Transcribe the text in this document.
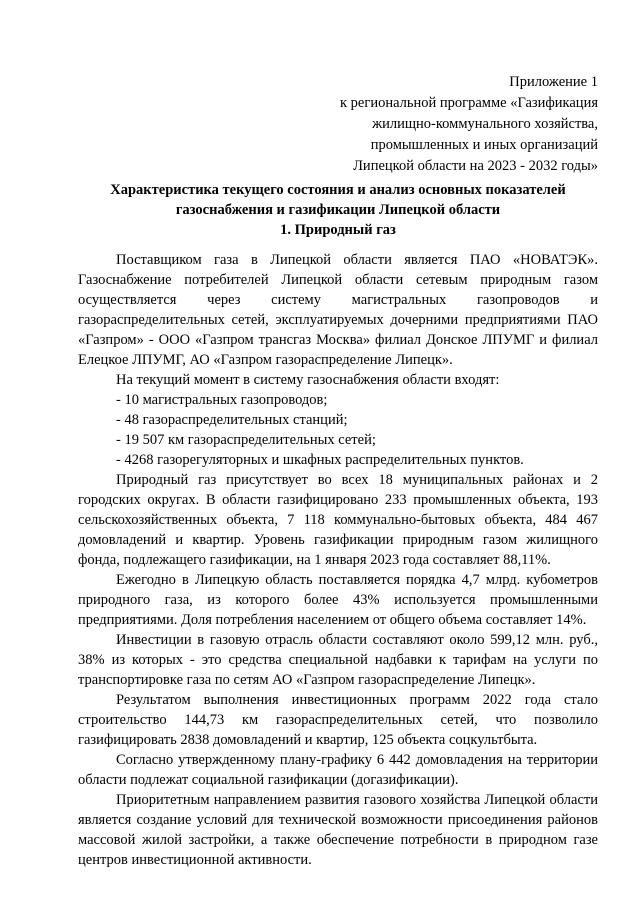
Приложение 1
к региональной программе «Газификация
жилищно-коммунального хозяйства,
промышленных и иных организаций
Липецкой области на 2023 - 2032 годы»
Характеристика текущего состояния и анализ основных показателей
газоснабжения и газификации Липецкой области
1. Природный газ

Поставщиком газа в Липецкой области является ПАО «НОВАТЭК». Газоснабжение потребителей Липецкой области сетевым природным газом осуществляется через систему магистральных газопроводов и газораспределительных сетей, эксплуатируемых дочерними предприятиями ПАО «Газпром» - ООО «Газпром трансгаз Москва» филиал Донское ЛПУМГ и филиал Елецкое ЛПУМГ, АО «Газпром газораспределение Липецк».

На текущий момент в систему газоснабжения области входят:

- 10 магистральных газопроводов;

- 48 газораспределительных станций;

- 19 507 км газораспределительных сетей;

- 4268 газорегуляторных и шкафных распределительных пунктов.

Природный газ присутствует во всех 18 муниципальных районах и 2 городских округах. В области газифицировано 233 промышленных объекта, 193 сельскохозяйственных объекта, 7 118 коммунально-бытовых объекта, 484 467 домовладений и квартир. Уровень газификации природным газом жилищного фонда, подлежащего газификации, на 1 января 2023 года составляет 88,11%.

Ежегодно в Липецкую область поставляется порядка 4,7 млрд. кубометров природного газа, из которого более 43% используется промышленными предприятиями. Доля потребления населением от общего объема составляет 14%.

Инвестиции в газовую отрасль области составляют около 599,12 млн. руб., 38% из которых - это средства специальной надбавки к тарифам на услуги по транспортировке газа по сетям АО «Газпром газораспределение Липецк».

Результатом выполнения инвестиционных программ 2022 года стало строительство 144,73 км газораспределительных сетей, что позволило газифицировать 2838 домовладений и квартир, 125 объекта соцкультбыта.

Согласно утвержденному плану-графику 6 442 домовладения на территории области подлежат социальной газификации (догазификации).

Приоритетным направлением развития газового хозяйства Липецкой области является создание условий для технической возможности присоединения районов массовой жилой застройки, а также обеспечение потребности в природном газе центров инвестиционной активности.
